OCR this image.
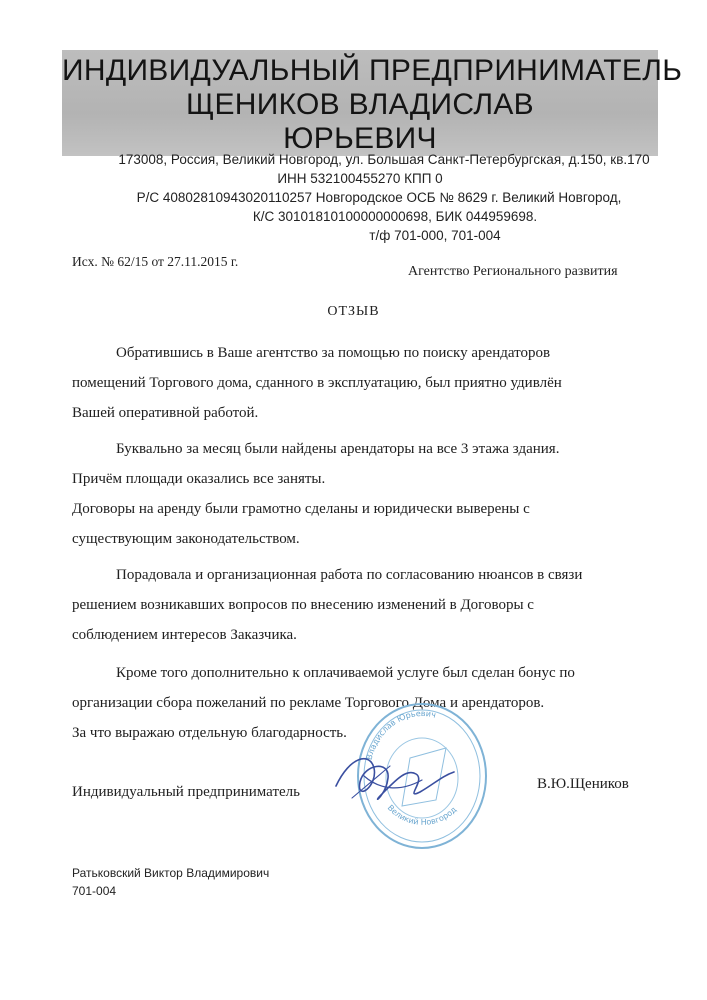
ИНДИВИДУАЛЬНЫЙ ПРЕДПРИНИМАТЕЛЬ
ЩЕНИКОВ ВЛАДИСЛАВ
ЮРЬЕВИЧ
173008, Россия, Великий Новгород, ул. Большая Санкт-Петербургская, д.150, кв.170
ИНН 532100455270 КПП 0
Р/С 40802810943020110257 Новгородское ОСБ № 8629 г. Великий Новгород,
К/С 30101810100000000698, БИК 044959698.
т/ф 701-000, 701-004
Исх. № 62/15 от 27.11.2015 г.
Агентство Регионального развития
ОТЗЫВ

Обратившись в Ваше агентство за помощью по поиску арендаторов
помещений Торгового дома, сданного в эксплуатацию, был приятно удивлён
Вашей оперативной работой.

Буквально за месяц были найдены арендаторы на все 3 этажа здания.
Причём площади оказались все заняты.
Договоры на аренду были грамотно сделаны и юридически выверены с
существующим законодательством.

Порадовала и организационная работа по согласованию нюансов в связи
решением возникавших вопросов по внесению изменений в Договоры с
соблюдением интересов Заказчика.

Кроме того дополнительно к оплачиваемой услуге был сделан бонус по
организации сбора пожеланий по рекламе Торгового Дома и арендаторов.
За что выражаю отдельную благодарность.

Владислав Юрьевич
Великий Новгород
Индивидуальный предприниматель	В.Ю.Щеников
Ратьковский Виктор Владимирович
701-004
